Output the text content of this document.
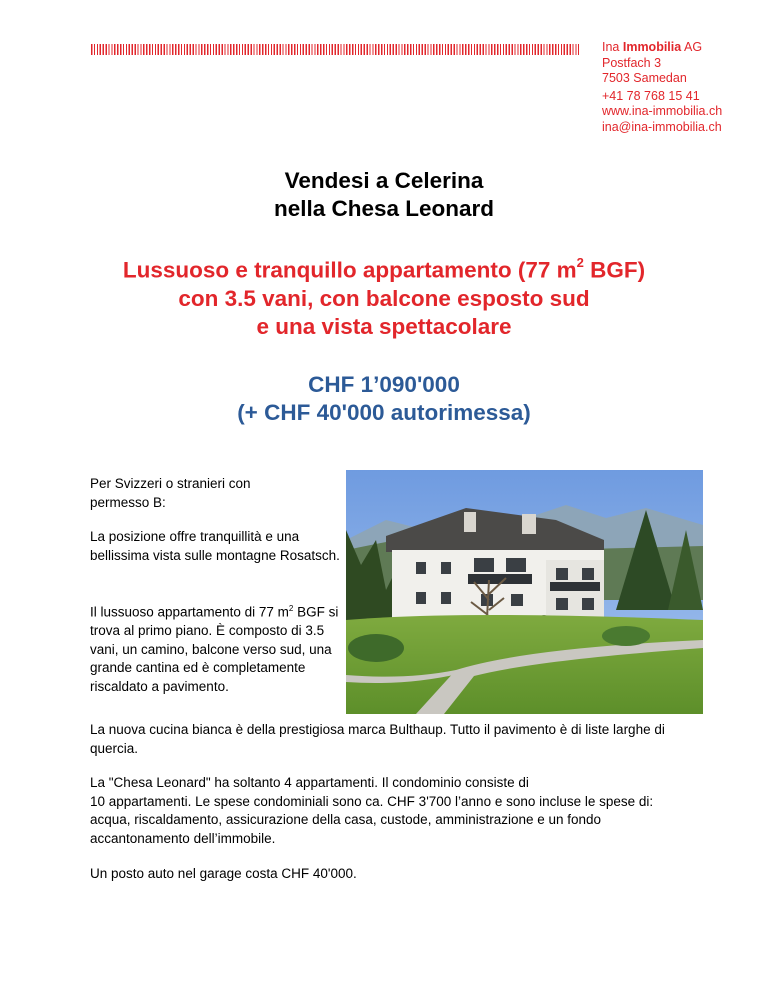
Ina Immobilia AG
Postfach 3
7503 Samedan
+41 78 768 15 41
www.ina-immobilia.ch
ina@ina-immobilia.ch
Vendesi a Celerina
nella Chesa Leonard
Lussuoso e tranquillo appartamento (77 $m^2$ BGF)
con 3.5 vani, con balcone esposto sud
e una vista spettacolare
CHF 1’090'000
(+ CHF 40'000 autorimessa)
Per Svizzeri o stranieri con permesso B:
La posizione offre tranquillità e una bellissima vista sulle montagne Rosatsch.
Il lussuoso appartamento di 77 $m^2$ BGF si trova al primo piano. È composto di 3.5 vani, un camino, balcone verso sud, una grande cantina ed è completamente riscaldato a pavimento.
La nuova cucina bianca è della prestigiosa marca Bulthaup. Tutto il pavimento è di liste larghe di quercia.
La "Chesa Leonard" ha soltanto 4 appartamenti. Il condominio consiste di
10 appartamenti. Le spese condominiali sono ca. CHF 3'700 l’anno e sono incluse le spese di: acqua, riscaldamento, assicurazione della casa, custode, amministrazione e un fondo accantonamento dell’immobile.
Un posto auto nel garage costa CHF 40'000.
